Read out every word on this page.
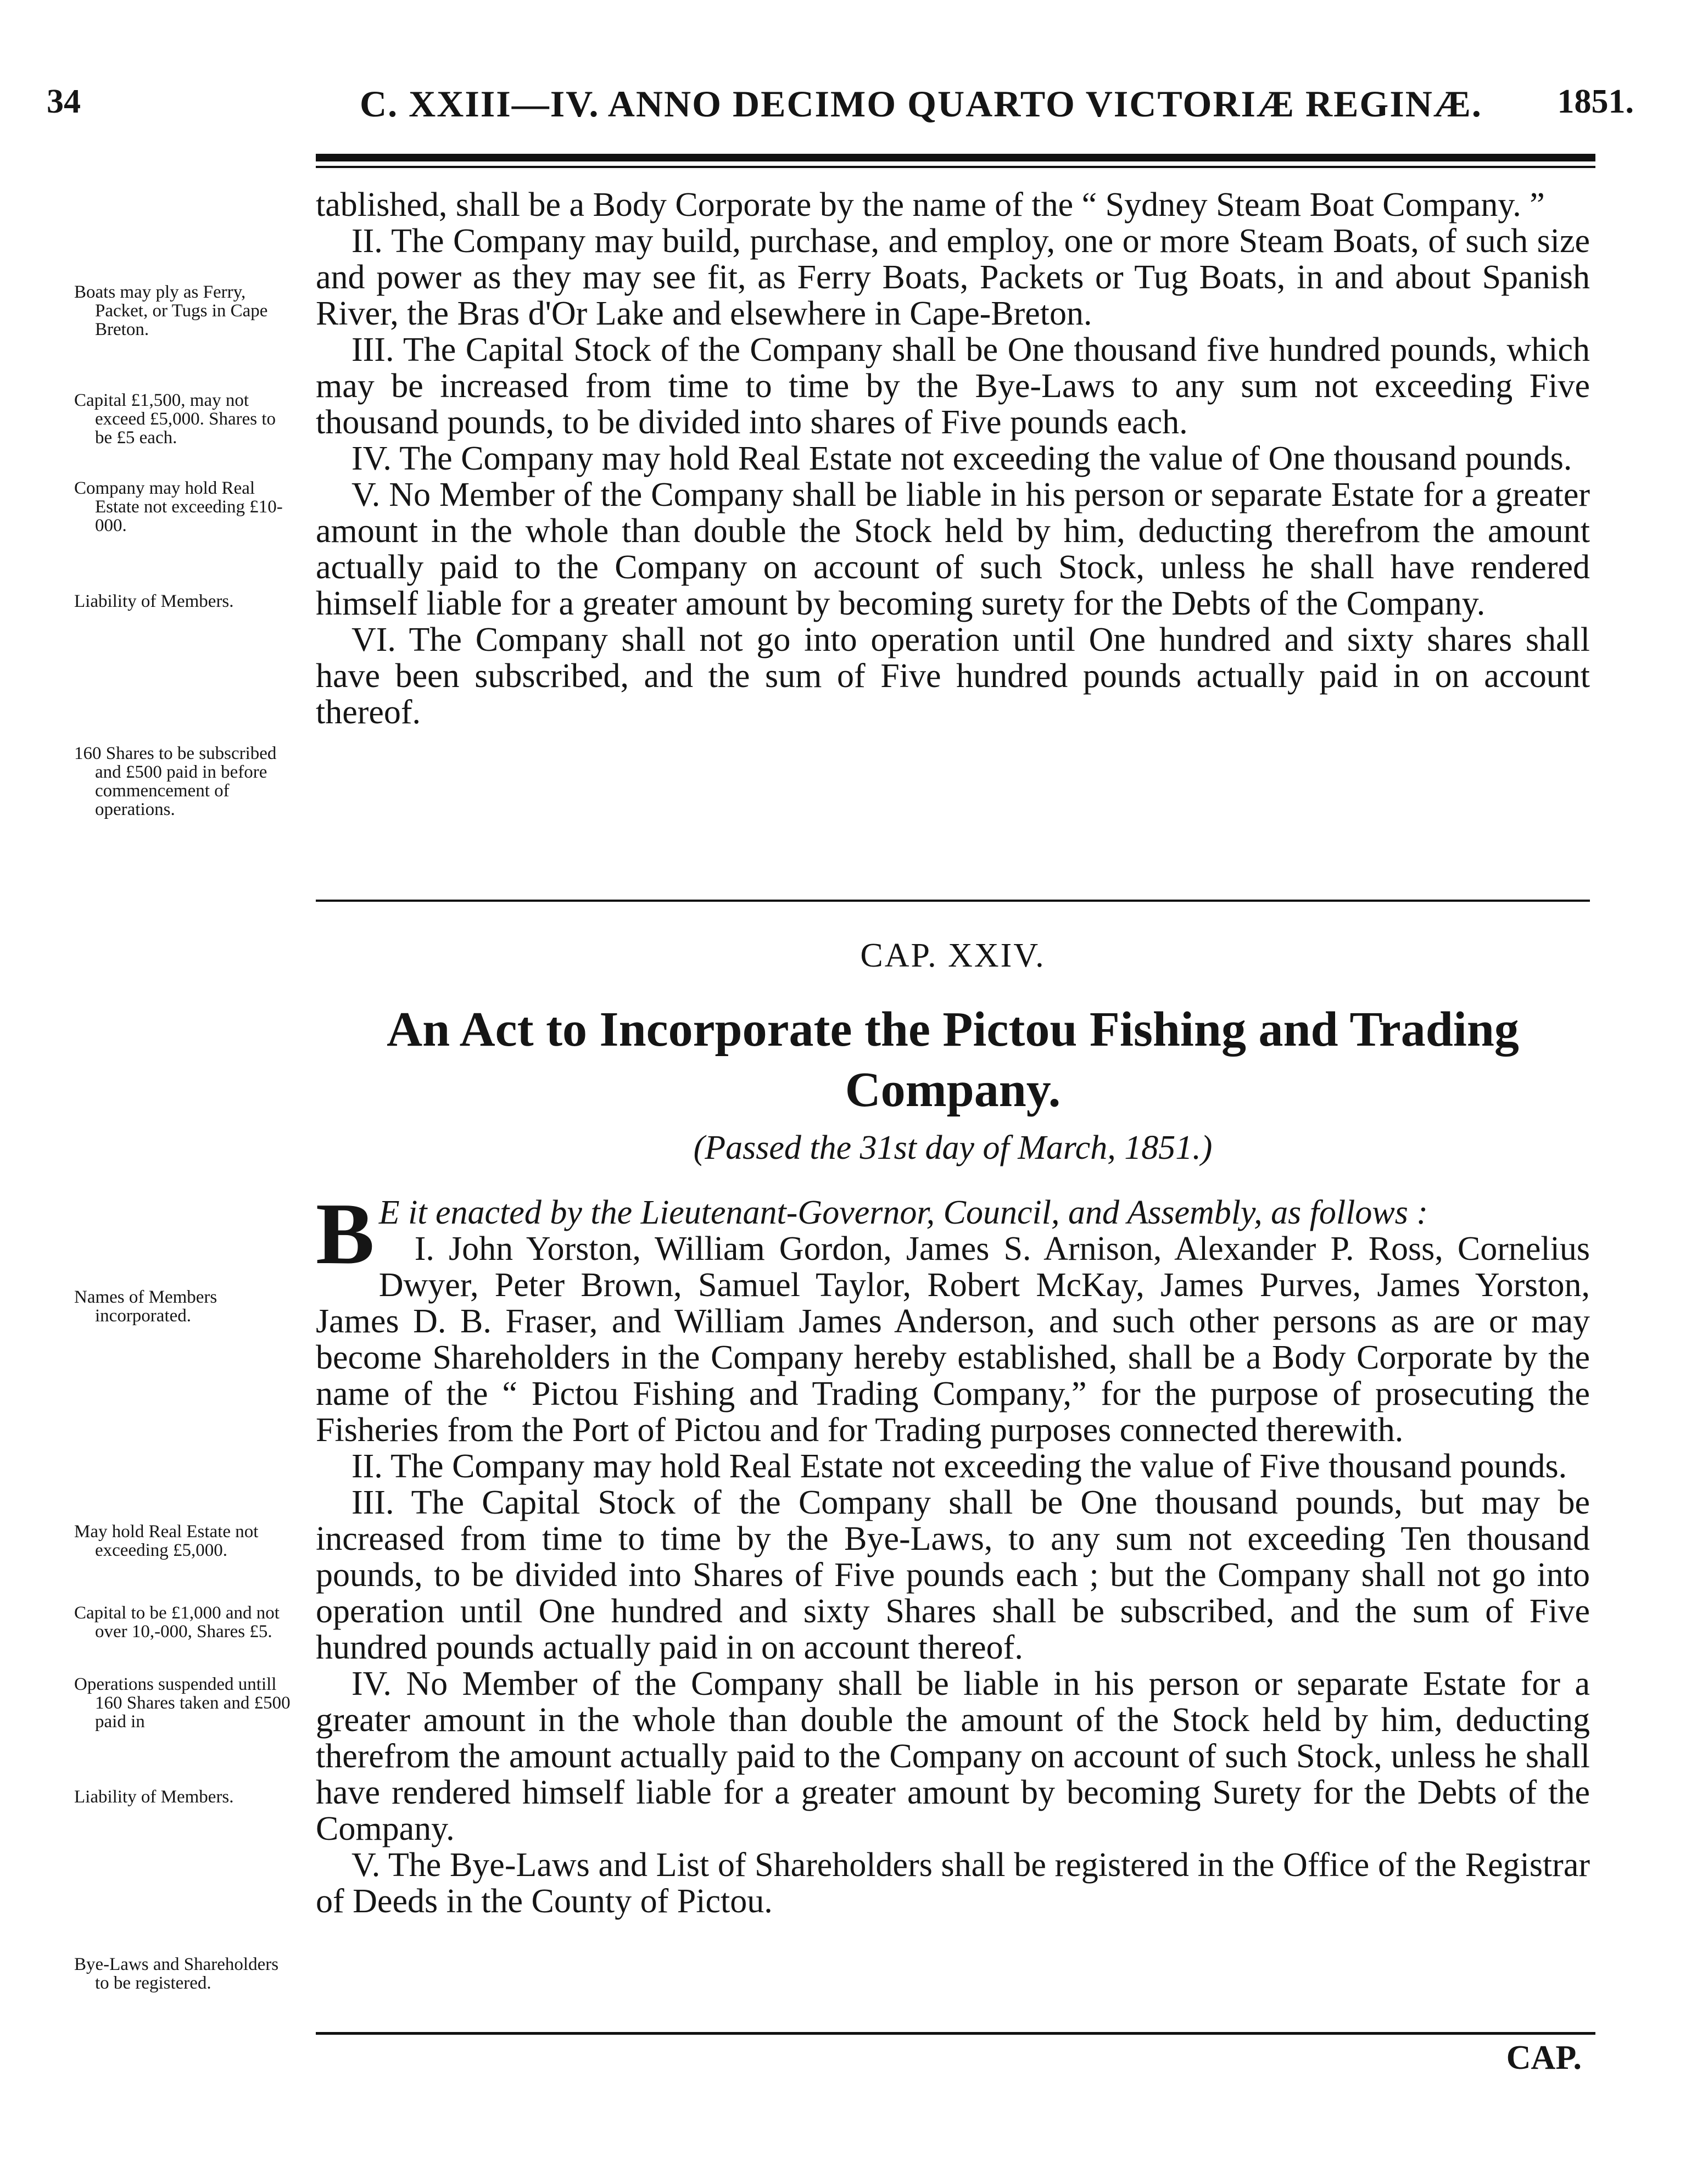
34	C. XXIII—IV. ANNO DECIMO QUARTO VICTORIÆ REGINÆ. 1851.

tablished, shall be a Body Corporate by the name of the “ Sydney Steam Boat Company. ”

II. The Company may build, purchase, and employ, one or more Steam Boats, of such size and power as they may see fit, as Ferry Boats, Packets or Tug Boats, in and about Spanish River, the Bras d'Or Lake and elsewhere in Cape-Breton.

III. The Capital Stock of the Company shall be One thousand five hundred pounds, which may be increased from time to time by the Bye-Laws to any sum not exceeding Five thousand pounds, to be divided into shares of Five pounds each.

IV. The Company may hold Real Estate not exceeding the value of One thousand pounds.

V. No Member of the Company shall be liable in his person or separate Estate for a greater amount in the whole than double the Stock held by him, deducting therefrom the amount actually paid to the Company on account of such Stock, unless he shall have rendered himself liable for a greater amount by becoming surety for the Debts of the Company.

VI. The Company shall not go into operation until One hundred and sixty shares shall have been subscribed, and the sum of Five hundred pounds actually paid in on account thereof.

Boats may ply as Ferry, Packet, or Tugs in Cape Breton.

Capital £1,500, may not exceed £5,000. Shares to be £5 each.

Company may hold Real Estate not exceeding £10-000.

Liability of Members.

160 Shares to be subscribed and £500 paid in before commencement of operations.

CAP. XXIV.
An Act to Incorporate the Pictou Fishing and Trading Company.
(Passed the 31st day of March, 1851.)

B E it enacted by the Lieutenant-Governor, Council, and Assembly, as follows :

I. John Yorston, William Gordon, James S. Arnison, Alexander P. Ross, Cornelius Dwyer, Peter Brown, Samuel Taylor, Robert McKay, James Purves, James Yorston, James D. B. Fraser, and William James Anderson, and such other persons as are or may become Shareholders in the Company hereby established, shall be a Body Corporate by the name of the “ Pictou Fishing and Trading Company,” for the purpose of prosecuting the Fisheries from the Port of Pictou and for Trading purposes connected therewith.

II. The Company may hold Real Estate not exceeding the value of Five thousand pounds.

III. The Capital Stock of the Company shall be One thousand pounds, but may be increased from time to time by the Bye-Laws, to any sum not exceeding Ten thousand pounds, to be divided into Shares of Five pounds each ; but the Company shall not go into operation until One hundred and sixty Shares shall be subscribed, and the sum of Five hundred pounds actually paid in on account thereof.

IV. No Member of the Company shall be liable in his person or separate Estate for a greater amount in the whole than double the amount of the Stock held by him, deducting therefrom the amount actually paid to the Company on account of such Stock, unless he shall have rendered himself liable for a greater amount by becoming Surety for the Debts of the Company.

V. The Bye-Laws and List of Shareholders shall be registered in the Office of the Registrar of Deeds in the County of Pictou.

Names of Members incorporated.

May hold Real Estate not exceeding £5,000.

Capital to be £1,000 and not over 10,-000, Shares £5.

Operations suspended untill 160 Shares taken and £500 paid in

Liability of Members.

Bye-Laws and Shareholders to be registered.

CAP.
